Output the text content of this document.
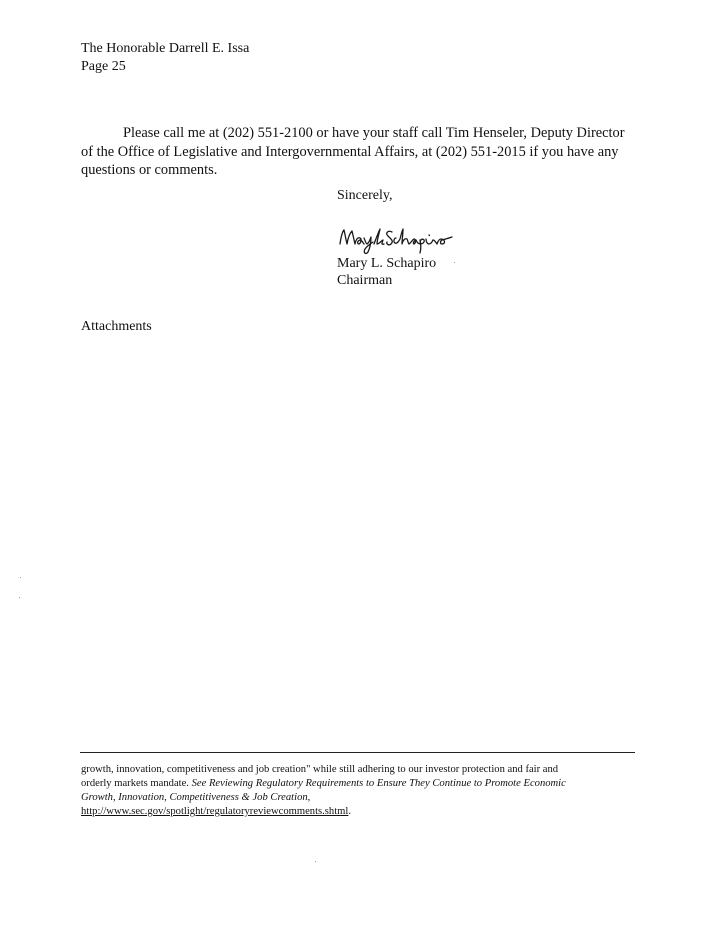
The Honorable Darrell E. Issa
Page 25
Please call me at (202) 551-2100 or have your staff call Tim Henseler, Deputy Director
of the Office of Legislative and Intergovernmental Affairs, at (202) 551-2015 if you have any
questions or comments.
Sincerely,
Mary L. Schapiro
Chairman
Attachments
growth, innovation, competitiveness and job creation" while still adhering to our investor protection and fair and
orderly markets mandate. See Reviewing Regulatory Requirements to Ensure They Continue to Promote Economic
Growth, Innovation, Competitiveness & Job Creation,
http://www.sec.gov/spotlight/regulatoryreviewcomments.shtml.
